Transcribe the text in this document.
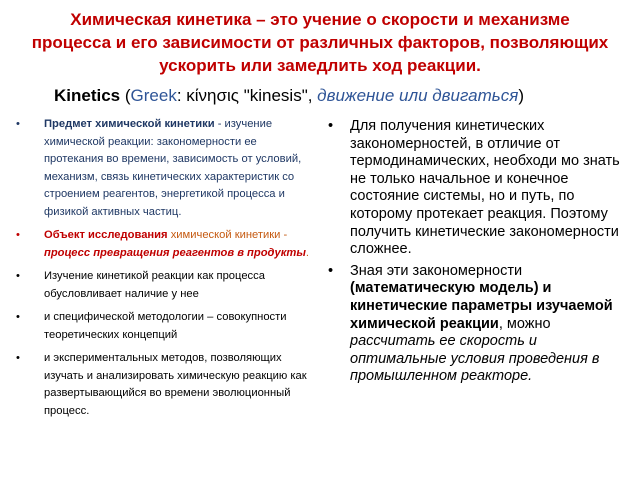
Химическая кинетика – это учение о скорости и механизме процесса и его зависимости от различных факторов, позволяющих ускорить или замедлить ход реакции.
Kinetics (Greek: κίνησις "kinesis", движение или двигаться)
•	Предмет химической кинетики - изучение химической реакции: закономерности ее протекания во времени, зависимость от условий, механизм, связь кинетических характеристик со строением реагентов, энергетикой процесса и физикой активных частиц.
•	Объект исследования химической кинетики - процесс превращения реагентов в продукты.
•	Изучение кинетикой реакции как процесса обусловливает наличие у нее
•	и специфической методологии – совокупности теоретических концепций
•	и экспериментальных методов, позволяющих изучать и анализировать химическую реакцию как развертывающийся во времени эволюционный процесс.
•	Для получения кинетических закономерностей, в отличие от термодинамических, необходи мо знать не только начальное и конечное состояние системы, но и путь, по которому протекает реакция. Поэтому получить кинетические закономерности сложнее.
•	Зная эти закономерности (математическую модель) и кинетические параметры изучаемой химической реакции, можно рассчитать ее скорость и оптимальные условия проведения в промышленном реакторе.
